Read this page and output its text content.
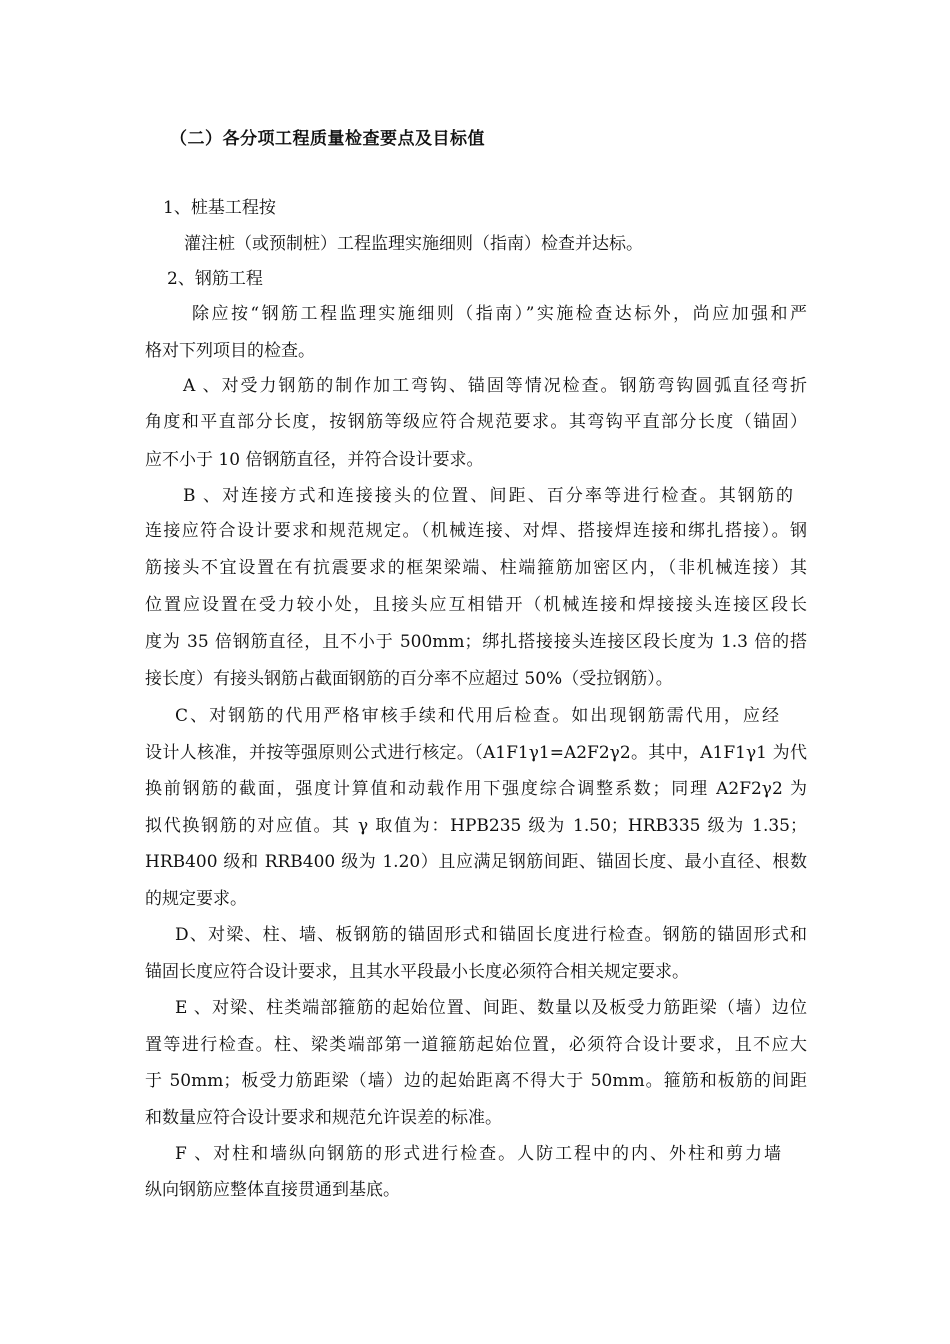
（二）各分项工程质量检查要点及目标值
1、桩基工程按
灌注桩（或预制桩）工程监理实施细则（指南）检查并达标。
2、钢筋工程
除应按“钢筋工程监理实施细则（指南）”实施检查达标外，尚应加强和严
格对下列项目的检查。
A 、对受力钢筋的制作加工弯钩、锚固等情况检查。钢筋弯钩圆弧直径弯折
角度和平直部分长度，按钢筋等级应符合规范要求。其弯钩平直部分长度（锚固）
应不小于 10 倍钢筋直径，并符合设计要求。
B 、对连接方式和连接接头的位置、间距、百分率等进行检查。其钢筋的
连接应符合设计要求和规范规定。（机械连接、对焊、搭接焊连接和绑扎搭接）。钢
筋接头不宜设置在有抗震要求的框架梁端、柱端箍筋加密区内，（非机械连接）其
位置应设置在受力较小处，且接头应互相错开（机械连接和焊接接头连接区段长
度为 35 倍钢筋直径，且不小于 500mm；绑扎搭接接头连接区段长度为 1.3 倍的搭
接长度）有接头钢筋占截面钢筋的百分率不应超过 50%（受拉钢筋）。
C、对钢筋的代用严格审核手续和代用后检查。如出现钢筋需代用，应经
设计人核准，并按等强原则公式进行核定。（A1F1γ1=A2F2γ2。其中，A1F1γ1 为代
换前钢筋的截面，强度计算值和动载作用下强度综合调整系数；同理 A2F2γ2 为
拟代换钢筋的对应值。其 γ 取值为：HPB235 级为 1.50；HRB335 级为 1.35；
HRB400 级和 RRB400 级为 1.20）且应满足钢筋间距、锚固长度、最小直径、根数
的规定要求。
D、对梁、柱、墙、板钢筋的锚固形式和锚固长度进行检查。钢筋的锚固形式和
锚固长度应符合设计要求，且其水平段最小长度必须符合相关规定要求。
E 、对梁、柱类端部箍筋的起始位置、间距、数量以及板受力筋距梁（墙）边位
置等进行检查。柱、梁类端部第一道箍筋起始位置，必须符合设计要求，且不应大
于 50mm；板受力筋距梁（墙）边的起始距离不得大于 50mm。箍筋和板筋的间距
和数量应符合设计要求和规范允许误差的标准。
F 、对柱和墙纵向钢筋的形式进行检查。人防工程中的内、外柱和剪力墙
纵向钢筋应整体直接贯通到基底。
